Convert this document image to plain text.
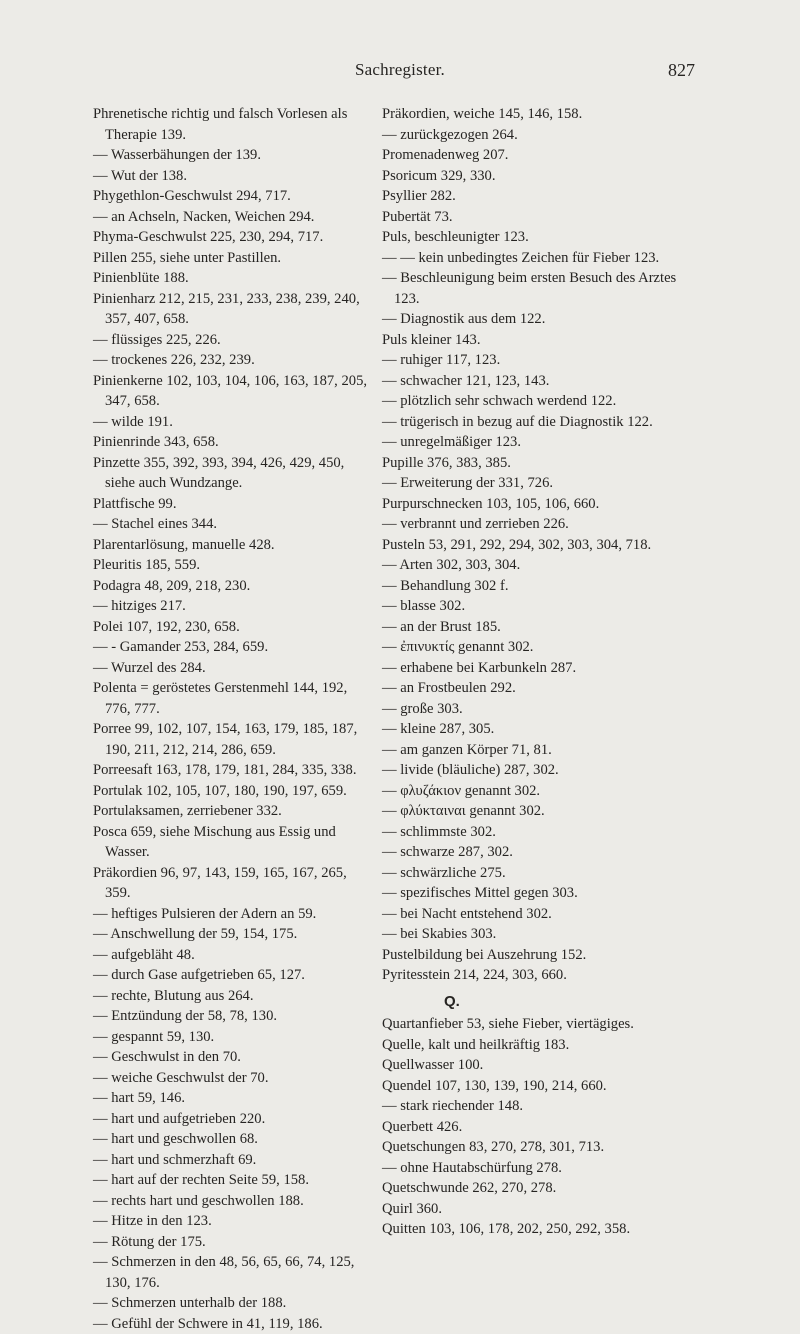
Sachregister.	827
Phrenetische richtig und falsch Vorlesen als Therapie 139.
— Wasserbähungen der 139.
— Wut der 138.
Phygethlon-Geschwulst 294, 717.
— an Achseln, Nacken, Weichen 294.
Phyma-Geschwulst 225, 230, 294, 717.
Pillen 255, siehe unter Pastillen.
Pinienblüte 188.
Pinienharz 212, 215, 231, 233, 238, 239, 240, 357, 407, 658.
— flüssiges 225, 226.
— trockenes 226, 232, 239.
Pinienkerne 102, 103, 104, 106, 163, 187, 205, 347, 658.
— wilde 191.
Pinienrinde 343, 658.
Pinzette 355, 392, 393, 394, 426, 429, 450, siehe auch Wundzange.
Plattfische 99.
— Stachel eines 344.
Plarentarlösung, manuelle 428.
Pleuritis 185, 559.
Podagra 48, 209, 218, 230.
— hitziges 217.
Polei 107, 192, 230, 658.
— - Gamander 253, 284, 659.
— Wurzel des 284.
Polenta = geröstetes Gerstenmehl 144, 192, 776, 777.
Porree 99, 102, 107, 154, 163, 179, 185, 187, 190, 211, 212, 214, 286, 659.
Porreesaft 163, 178, 179, 181, 284, 335, 338.
Portulak 102, 105, 107, 180, 190, 197, 659.
Portulaksamen, zerriebener 332.
Posca 659, siehe Mischung aus Essig und Wasser.
Präkordien 96, 97, 143, 159, 165, 167, 265, 359.
— heftiges Pulsieren der Adern an 59.
— Anschwellung der 59, 154, 175.
— aufgebläht 48.
— durch Gase aufgetrieben 65, 127.
— rechte, Blutung aus 264.
— Entzündung der 58, 78, 130.
— gespannt 59, 130.
— Geschwulst in den 70.
— weiche Geschwulst der 70.
— hart 59, 146.
— hart und aufgetrieben 220.
— hart und geschwollen 68.
— hart und schmerzhaft 69.
— hart auf der rechten Seite 59, 158.
— rechts hart und geschwollen 188.
— Hitze in den 123.
— Rötung der 175.
— Schmerzen in den 48, 56, 65, 66, 74, 125, 130, 176.
— Schmerzen unterhalb der 188.
— Gefühl der Schwere in 41, 119, 186.
Präkordien, weiche 145, 146, 158.
— zurückgezogen 264.
Promenadenweg 207.
Psoricum 329, 330.
Psyllier 282.
Pubertät 73.
Puls, beschleunigter 123.
— — kein unbedingtes Zeichen für Fieber 123.
— Beschleunigung beim ersten Besuch des Arztes 123.
— Diagnostik aus dem 122.
Puls kleiner 143.
— ruhiger 117, 123.
— schwacher 121, 123, 143.
— plötzlich sehr schwach werdend 122.
— trügerisch in bezug auf die Diagnostik 122.
— unregelmäßiger 123.
Pupille 376, 383, 385.
— Erweiterung der 331, 726.
Purpurschnecken 103, 105, 106, 660.
— verbrannt und zerrieben 226.
Pusteln 53, 291, 292, 294, 302, 303, 304, 718.
— Arten 302, 303, 304.
— Behandlung 302 f.
— blasse 302.
— an der Brust 185.
— ἐπινυκτίς genannt 302.
— erhabene bei Karbunkeln 287.
— an Frostbeulen 292.
— große 303.
— kleine 287, 305.
— am ganzen Körper 71, 81.
— livide (bläuliche) 287, 302.
— φλυζάκιον genannt 302.
— φλύκταιναι genannt 302.
— schlimmste 302.
— schwarze 287, 302.
— schwärzliche 275.
— spezifisches Mittel gegen 303.
— bei Nacht entstehend 302.
— bei Skabies 303.
Pustelbildung bei Auszehrung 152.
Pyritesstein 214, 224, 303, 660.
Q.
Quartanfieber 53, siehe Fieber, viertägiges.
Quelle, kalt und heilkräftig 183.
Quellwasser 100.
Quendel 107, 130, 139, 190, 214, 660.
— stark riechender 148.
Querbett 426.
Quetschungen 83, 270, 278, 301, 713.
— ohne Hautabschürfung 278.
Quetschwunde 262, 270, 278.
Quirl 360.
Quitten 103, 106, 178, 202, 250, 292, 358.
